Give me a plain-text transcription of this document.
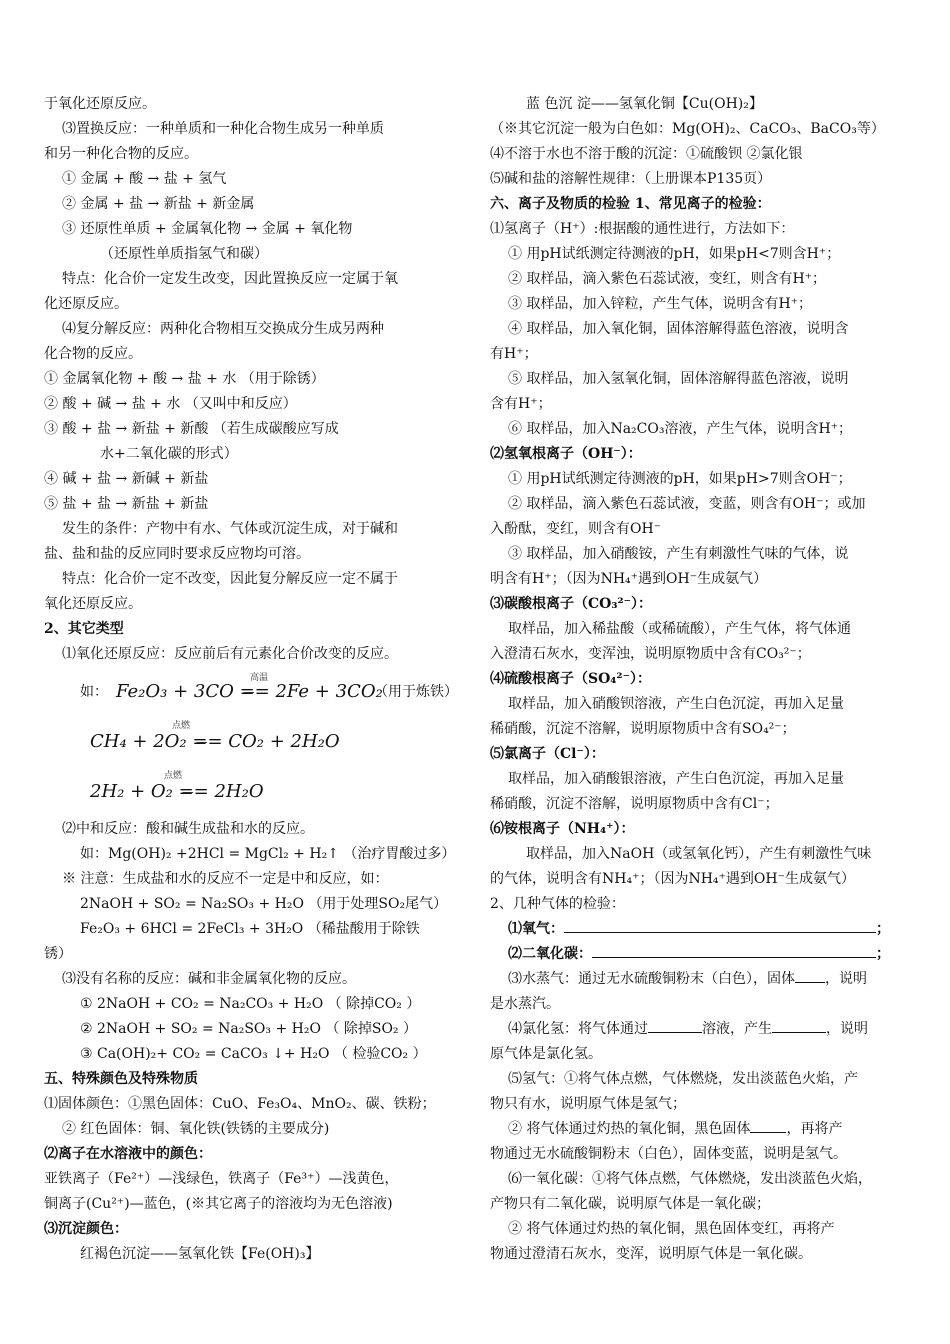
于氧化还原反应。
⑶置换反应：一种单质和一种化合物生成另一种单质
和另一种化合物的反应。
① 金属 + 酸 → 盐 + 氢气
② 金属 + 盐 → 新盐 + 新金属
③ 还原性单质 + 金属氧化物 → 金属 + 氧化物
（还原性单质指氢气和碳）
特点：化合价一定发生改变，因此置换反应一定属于氧
化还原反应。
⑷复分解反应：两种化合物相互交换成分生成另两种
化合物的反应。
① 金属氧化物 + 酸 → 盐 + 水 （用于除锈）
② 酸 + 碱 → 盐 + 水 （又叫中和反应）
③ 酸 + 盐 → 新盐 + 新酸 （若生成碳酸应写成
水+二氧化碳的形式）
④ 碱 + 盐 → 新碱 + 新盐
⑤ 盐 + 盐 → 新盐 + 新盐
发生的条件：产物中有水、气体或沉淀生成，对于碱和
盐、盐和盐的反应同时要求反应物均可溶。
特点：化合价一定不改变，因此复分解反应一定不属于
氧化还原反应。
2、其它类型
⑴氧化还原反应：反应前后有元素化合价改变的反应。
如：
高温
Fe₂O₃ + 3CO =̶= 2Fe + 3CO₂
（用于炼铁）
点燃
CH₄ + 2O₂ =̶= CO₂ + 2H₂O
点燃
2H₂ + O₂ =̶= 2H₂O
⑵中和反应：酸和碱生成盐和水的反应。
如：Mg(OH)₂ +2HCl = MgCl₂ + H₂↑ （治疗胃酸过多）
※ 注意：生成盐和水的反应不一定是中和反应，如：
2NaOH + SO₂ = Na₂SO₃ + H₂O （用于处理SO₂尾气）
Fe₂O₃ + 6HCl = 2FeCl₃ + 3H₂O （稀盐酸用于除铁
锈）
⑶没有名称的反应：碱和非金属氧化物的反应。
① 2NaOH + CO₂ = Na₂CO₃ + H₂O （ 除掉CO₂ ）
② 2NaOH + SO₂ = Na₂SO₃ + H₂O （ 除掉SO₂ ）
③ Ca(OH)₂+ CO₂ = CaCO₃ ↓+ H₂O （ 检验CO₂ ）
五、特殊颜色及特殊物质
⑴固体颜色：①黑色固体：CuO、Fe₃O₄、MnO₂、碳、铁粉；
② 红色固体：铜、氧化铁(铁锈的主要成分)
⑵离子在水溶液中的颜色：
亚铁离子（Fe²⁺）—浅绿色，铁离子（Fe³⁺）—浅黄色，
铜离子(Cu²⁺)—蓝色，(※其它离子的溶液均为无色溶液)
⑶沉淀颜色：
红褐色沉淀——氢氧化铁【Fe(OH)₃】
蓝 色沉 淀——氢氧化铜【Cu(OH)₂】
（※其它沉淀一般为白色如：Mg(OH)₂、CaCO₃、BaCO₃等）
⑷不溶于水也不溶于酸的沉淀：①硫酸钡 ②氯化银
⑸碱和盐的溶解性规律：（上册课本P135页）
六、离子及物质的检验 1、常见离子的检验：
⑴氢离子（H⁺）:根据酸的通性进行，方法如下：
① 用pH试纸测定待测液的pH，如果pH<7则含H⁺；
② 取样品，滴入紫色石蕊试液，变红，则含有H⁺；
③ 取样品，加入锌粒，产生气体，说明含有H⁺；
④ 取样品，加入氧化铜，固体溶解得蓝色溶液，说明含
有H⁺；
⑤ 取样品，加入氢氧化铜，固体溶解得蓝色溶液，说明
含有H⁺；
⑥ 取样品，加入Na₂CO₃溶液，产生气体，说明含H⁺；
⑵氢氧根离子（OH⁻）：
① 用pH试纸测定待测液的pH，如果pH>7则含OH⁻；
② 取样品，滴入紫色石蕊试液，变蓝，则含有OH⁻；或加
入酚酞，变红，则含有OH⁻
③ 取样品，加入硝酸铵，产生有刺激性气味的气体，说
明含有H⁺；（因为NH₄⁺遇到OH⁻生成氨气）
⑶碳酸根离子（CO₃²⁻）：
取样品，加入稀盐酸（或稀硫酸），产生气体，将气体通
入澄清石灰水，变浑浊，说明原物质中含有CO₃²⁻；
⑷硫酸根离子（SO₄²⁻）：
取样品，加入硝酸钡溶液，产生白色沉淀，再加入足量
稀硝酸，沉淀不溶解，说明原物质中含有SO₄²⁻；
⑸氯离子（Cl⁻）：
取样品，加入硝酸银溶液，产生白色沉淀，再加入足量
稀硝酸，沉淀不溶解，说明原物质中含有Cl⁻；
⑹铵根离子（NH₄⁺）：
取样品，加入NaOH（或氢氧化钙），产生有刺激性气味
的气体，说明含有NH₄⁺；（因为NH₄⁺遇到OH⁻生成氨气）
2、几种气体的检验：
⑴氧气：	；
⑵二氧化碳：	；
⑶水蒸气：通过无水硫酸铜粉末（白色），固体 ，说明
是水蒸汽。
⑷氯化氢：将气体通过	溶液，产生	，说明
原气体是氯化氢。
⑸氢气：①将气体点燃，气体燃烧，发出淡蓝色火焰，产
物只有水，说明原气体是氢气；
② 将气体通过灼热的氧化铜，黑色固体	，再将产
物通过无水硫酸铜粉末（白色），固体变蓝，说明是氢气。
⑹一氧化碳：①将气体点燃，气体燃烧，发出淡蓝色火焰，
产物只有二氧化碳，说明原气体是一氧化碳；
② 将气体通过灼热的氧化铜，黑色固体变红，再将产
物通过澄清石灰水，变浑，说明原气体是一氧化碳。
